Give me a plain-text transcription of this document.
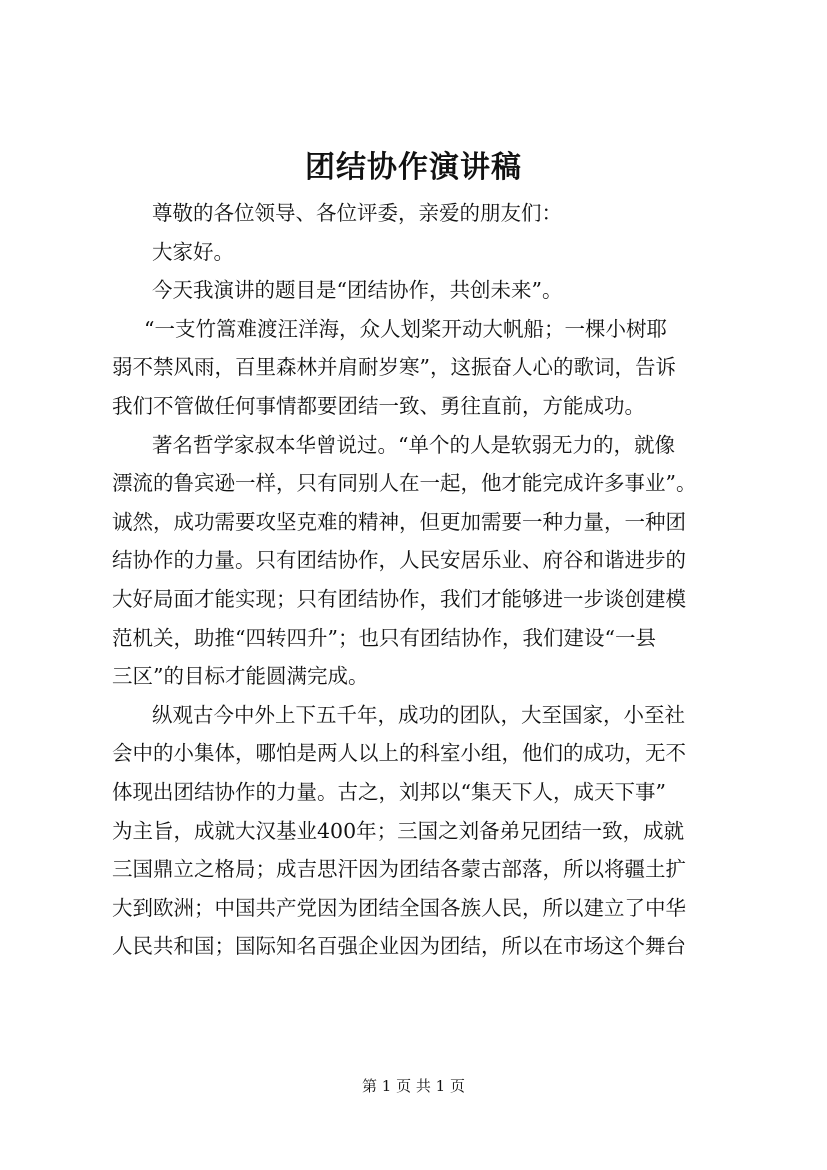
团结协作演讲稿
尊敬的各位领导、各位评委，亲爱的朋友们：
大家好。
今天我演讲的题目是“团结协作，共创未来”。
“一支竹篙难渡汪洋海，众人划桨开动大帆船；一棵小树耶
弱不禁风雨，百里森林并肩耐岁寒”，这振奋人心的歌词，告诉
我们不管做任何事情都要团结一致、勇往直前，方能成功。
著名哲学家叔本华曾说过。“单个的人是软弱无力的，就像
漂流的鲁宾逊一样，只有同别人在一起，他才能完成许多事业”。
诚然，成功需要攻坚克难的精神，但更加需要一种力量，一种团
结协作的力量。只有团结协作，人民安居乐业、府谷和谐进步的
大好局面才能实现；只有团结协作，我们才能够进一步谈创建模
范机关，助推“四转四升”；也只有团结协作，我们建设“一县
三区”的目标才能圆满完成。
纵观古今中外上下五千年，成功的团队，大至国家，小至社
会中的小集体，哪怕是两人以上的科室小组，他们的成功，无不
体现出团结协作的力量。古之，刘邦以“集天下人，成天下事”
为主旨，成就大汉基业400年；三国之刘备弟兄团结一致，成就
三国鼎立之格局；成吉思汗因为团结各蒙古部落，所以将疆土扩
大到欧洲；中国共产党因为团结全国各族人民，所以建立了中华
人民共和国；国际知名百强企业因为团结，所以在市场这个舞台
第 1 页 共 1 页
